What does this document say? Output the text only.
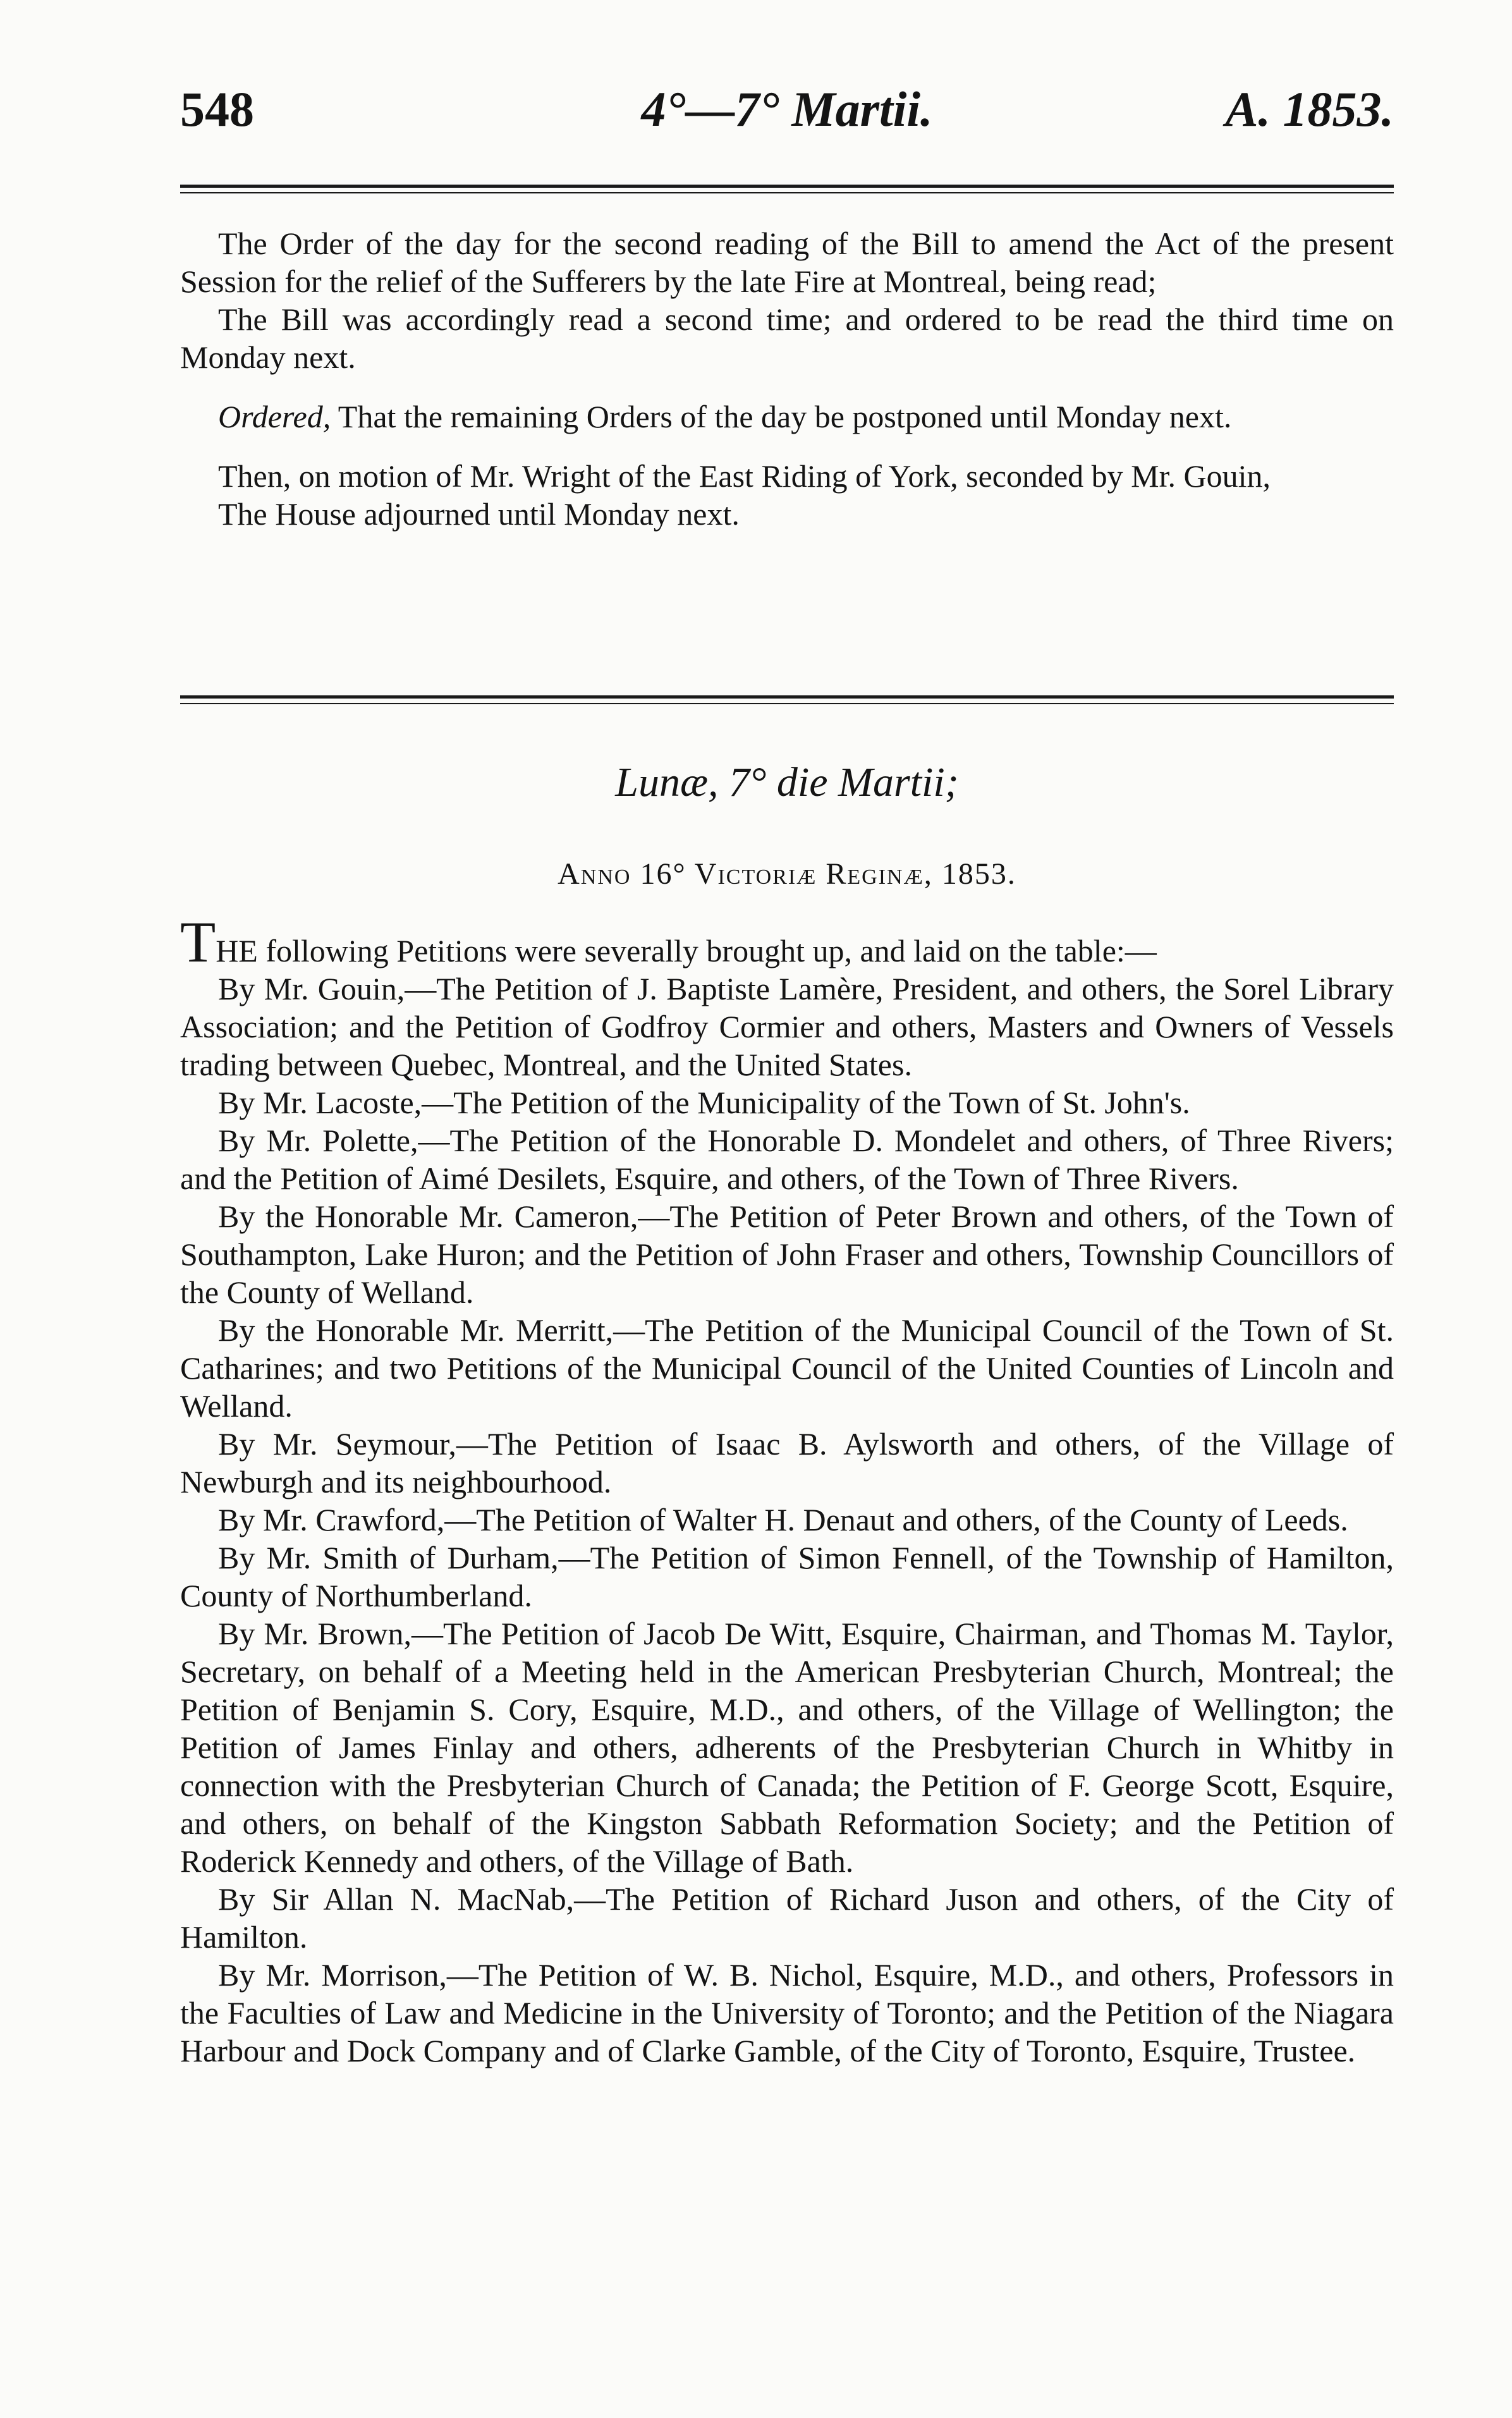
548	4°—7° Martii.	A. 1853.

The Order of the day for the second reading of the Bill to amend the Act of the present Session for the relief of the Sufferers by the late Fire at Montreal, being read;

The Bill was accordingly read a second time; and ordered to be read the third time on Monday next.

Ordered, That the remaining Orders of the day be postponed until Monday next.

Then, on motion of Mr. Wright of the East Riding of York, seconded by Mr. Gouin,

The House adjourned until Monday next.

Lunæ, 7° die Martii;
Anno 16° Victoriæ Reginæ, 1853.

THE following Petitions were severally brought up, and laid on the table:—

By Mr. Gouin,—The Petition of J. Baptiste Lamère, President, and others, the Sorel Library Association; and the Petition of Godfroy Cormier and others, Masters and Owners of Vessels trading between Quebec, Montreal, and the United States.

By Mr. Lacoste,—The Petition of the Municipality of the Town of St. John's.

By Mr. Polette,—The Petition of the Honorable D. Mondelet and others, of Three Rivers; and the Petition of Aimé Desilets, Esquire, and others, of the Town of Three Rivers.

By the Honorable Mr. Cameron,—The Petition of Peter Brown and others, of the Town of Southampton, Lake Huron; and the Petition of John Fraser and others, Township Councillors of the County of Welland.

By the Honorable Mr. Merritt,—The Petition of the Municipal Council of the Town of St. Catharines; and two Petitions of the Municipal Council of the United Counties of Lincoln and Welland.

By Mr. Seymour,—The Petition of Isaac B. Aylsworth and others, of the Village of Newburgh and its neighbourhood.

By Mr. Crawford,—The Petition of Walter H. Denaut and others, of the County of Leeds.

By Mr. Smith of Durham,—The Petition of Simon Fennell, of the Township of Hamilton, County of Northumberland.

By Mr. Brown,—The Petition of Jacob De Witt, Esquire, Chairman, and Thomas M. Taylor, Secretary, on behalf of a Meeting held in the American Presbyterian Church, Montreal; the Petition of Benjamin S. Cory, Esquire, M.D., and others, of the Village of Wellington; the Petition of James Finlay and others, adherents of the Presbyterian Church in Whitby in connection with the Presbyterian Church of Canada; the Petition of F. George Scott, Esquire, and others, on behalf of the Kingston Sabbath Reformation Society; and the Petition of Roderick Kennedy and others, of the Village of Bath.

By Sir Allan N. MacNab,—The Petition of Richard Juson and others, of the City of Hamilton.

By Mr. Morrison,—The Petition of W. B. Nichol, Esquire, M.D., and others, Professors in the Faculties of Law and Medicine in the University of Toronto; and the Petition of the Niagara Harbour and Dock Company and of Clarke Gamble, of the City of Toronto, Esquire, Trustee.
